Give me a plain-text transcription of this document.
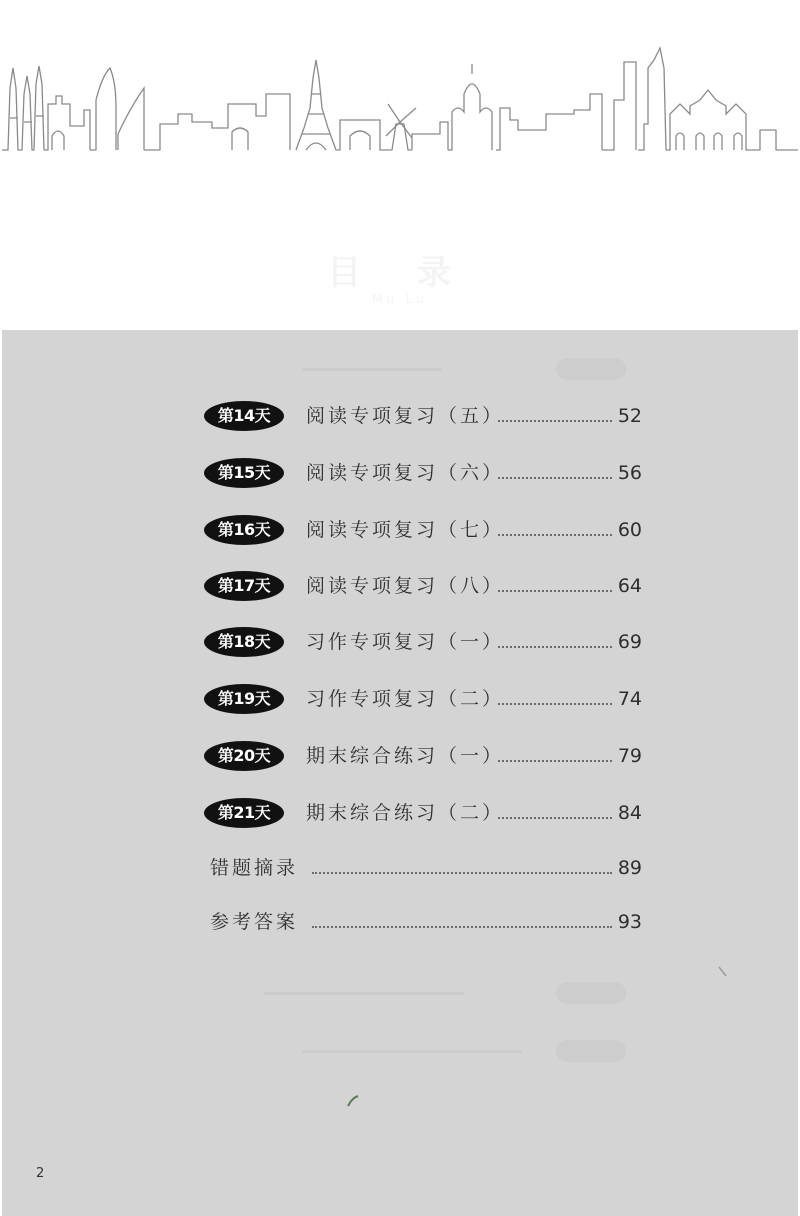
目 录
Mu Lu
第14天	阅读专项复习（五）	52
第15天	阅读专项复习（六）	56
第16天	阅读专项复习（七）	60
第17天	阅读专项复习（八）	64
第18天	习作专项复习（一）	69
第19天	习作专项复习（二）	74
第20天	期末综合练习（一）	79
第21天	期末综合练习（二）	84
错题摘录	89
参考答案	93
2
